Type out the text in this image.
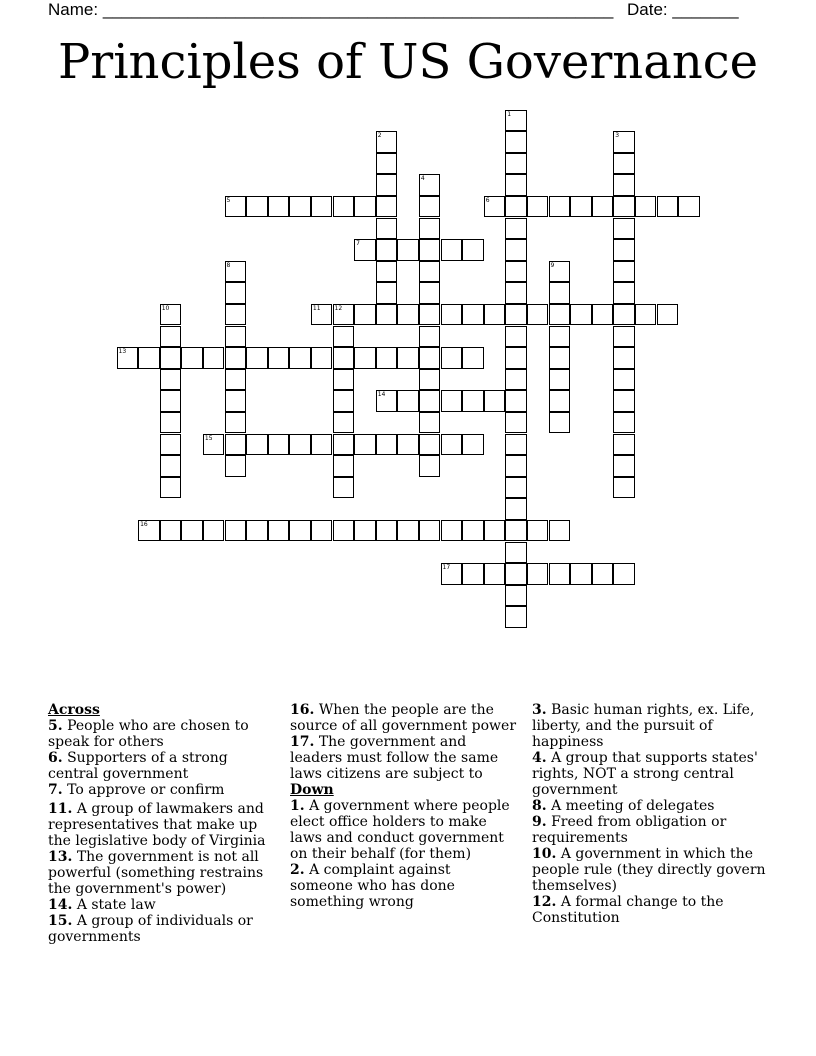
Name: ______________________________________________________ Date: _______
Principles of US Governance
1
2	3
4
5	6
7
8	9
10	11 12
13
14
15
16
17
Across
5. People who are chosen to speak for others
6. Supporters of a strong central government
7. To approve or confirm
11. A group of lawmakers and representatives that make up the legislative body of Virginia
13. The government is not all powerful (something restrains the government's power)
14. A state law
15. A group of individuals or governments
16. When the people are the source of all government power
17. The government and leaders must follow the same laws citizens are subject to
Down
1. A government where people elect office holders to make laws and conduct government on their behalf (for them)
2. A complaint against someone who has done something wrong
3. Basic human rights, ex. Life, liberty, and the pursuit of happiness
4. A group that supports states' rights, NOT a strong central government
8. A meeting of delegates
9. Freed from obligation or requirements
10. A government in which the people rule (they directly govern themselves)
12. A formal change to the Constitution
